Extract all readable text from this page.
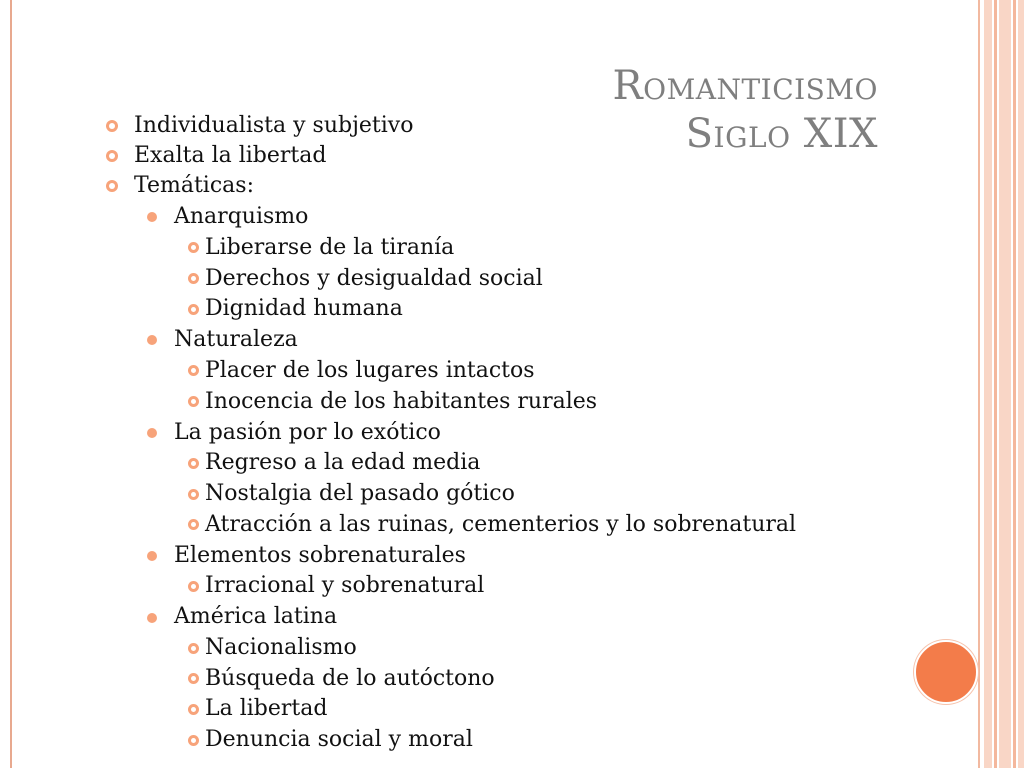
Romanticismo
Siglo XIX
Individualista y subjetivo
Exalta la libertad
Temáticas:
Anarquismo
Liberarse de la tiranía
Derechos y desigualdad social
Dignidad humana
Naturaleza
Placer de los lugares intactos
Inocencia de los habitantes rurales
La pasión por lo exótico
Regreso a la edad media
Nostalgia del pasado gótico
Atracción a las ruinas, cementerios y lo sobrenatural
Elementos sobrenaturales
Irracional y sobrenatural
América latina
Nacionalismo
Búsqueda de lo autóctono
La libertad
Denuncia social y moral
